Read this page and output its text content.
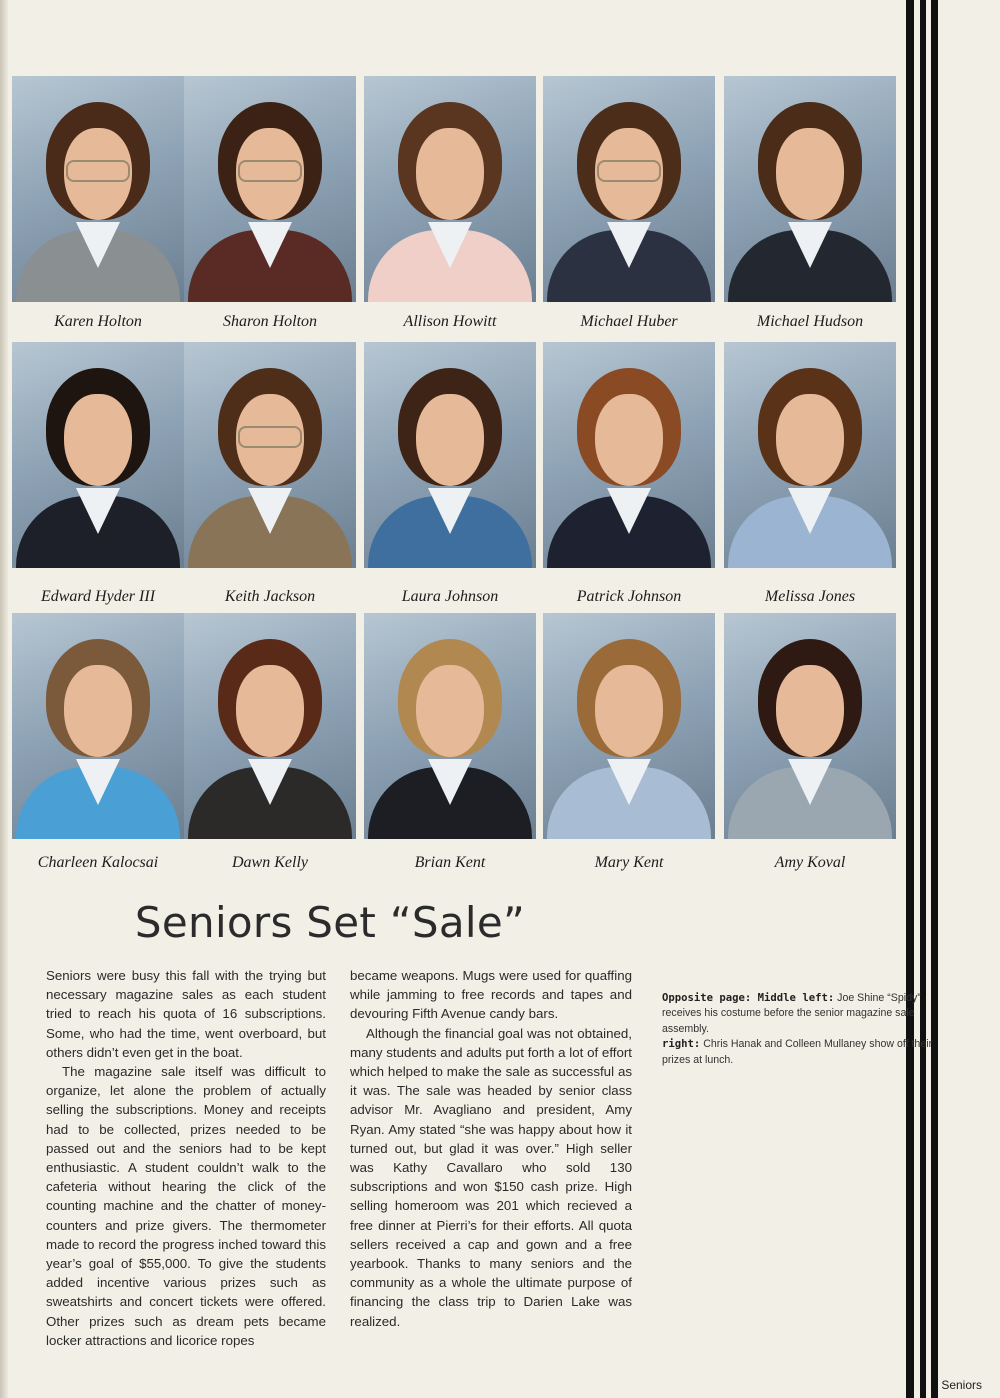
Karen Holton	Sharon Holton	Allison Howitt	Michael Huber	Michael Hudson
Edward Hyder III	Keith Jackson	Laura Johnson	Patrick Johnson	Melissa Jones
Charleen Kalocsai	Dawn Kelly	Brian Kent	Mary Kent	Amy Koval
Seniors Set “Sale”

Seniors were busy this fall with the trying but necessary magazine sales as each student tried to reach his quota of 16 subscriptions. Some, who had the time, went overboard, but others didn’t even get in the boat.

The magazine sale itself was difficult to organize, let alone the problem of actually selling the subscriptions. Money and receipts had to be collected, prizes needed to be passed out and the seniors had to be kept enthusiastic. A student couldn’t walk to the cafeteria without hearing the click of the counting machine and the chatter of money-counters and prize givers. The thermometer made to record the progress inched toward this year’s goal of $55,000. To give the students added incentive various prizes such as sweatshirts and concert tickets were offered. Other prizes such as dream pets became locker attractions and licorice ropes

became weapons. Mugs were used for quaffing while jamming to free records and tapes and devouring Fifth Avenue candy bars.

Although the financial goal was not obtained, many students and adults put forth a lot of effort which helped to make the sale as successful as it was. The sale was headed by senior class advisor Mr. Avagliano and president, Amy Ryan. Amy stated “she was happy about how it turned out, but glad it was over.” High seller was Kathy Cavallaro who sold 130 subscriptions and won $150 cash prize. High selling homeroom was 201 which recieved a free dinner at Pierri’s for their efforts. All quota sellers received a cap and gown and a free yearbook. Thanks to many seniors and the community as a whole the ultimate purpose of financing the class trip to Darien Lake was realized.

Opposite page: Middle left: Joe Shine “Spidy” receives his costume before the senior magazine sale assembly.
right: Chris Hanak and Colleen Mullaney show off their prizes at lunch.
Seniors
